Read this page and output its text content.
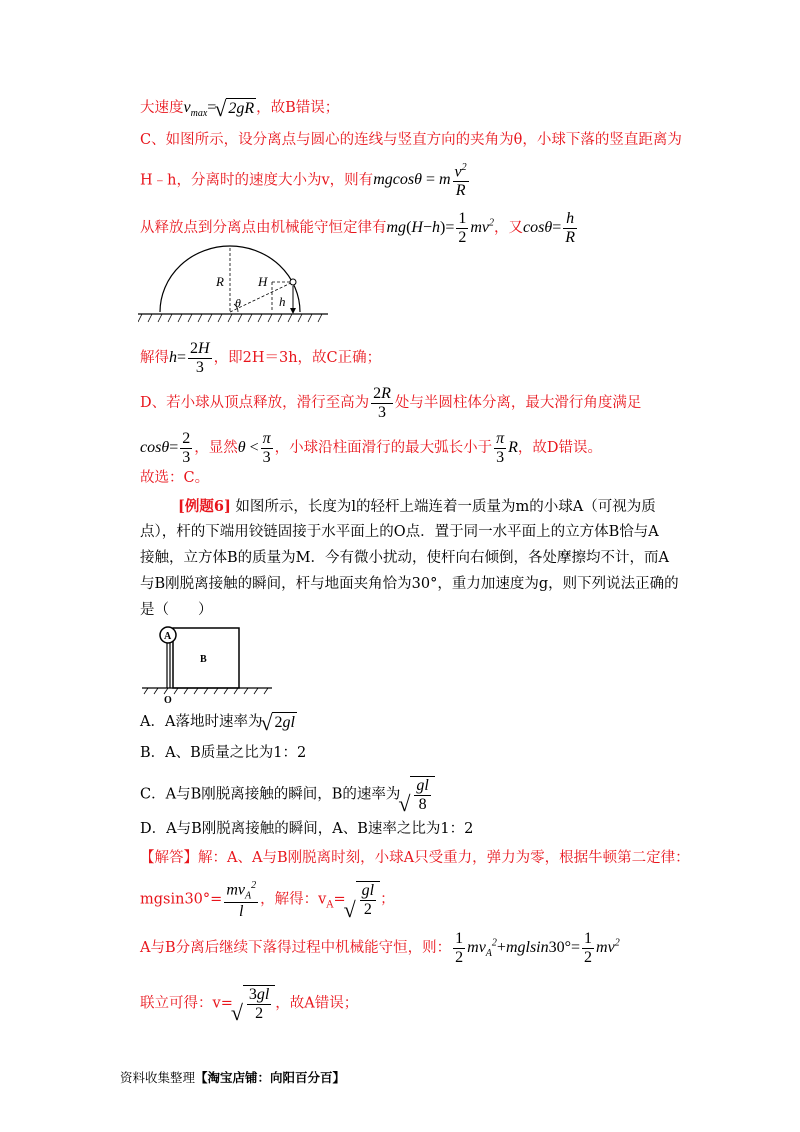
大速度$v_{max}=√$ 2gR ，故B错误；
C、如图所示，设分离点与圆心的连线与竖直方向的夹角为θ，小球下落的竖直距离为
H﹣h，分离时的速度大小为v，则有mgcosθ = m $\frac{v^2}{R}$
从释放点到分离点由机械能守恒定律有$mg(H-h)= \frac{1}{2} mv^2$，又$\cos\theta= \frac{h}{R}$
R	H
θ	h
解得$h= \frac{2H}{3}$ ，即2H＝3h，故C正确；
D、若小球从顶点释放，滑行至高为 $\frac{2R}{3}$ 处与半圆柱体分离，最大滑行角度满足
$\cos\theta= \frac{2}{3}$ ，显然$\theta < \frac{\pi}{3}$ ，小球沿柱面滑行的最大弧长小于 $\frac{\pi}{3}$ R，故D错误。
故选：C。
[例题6] 如图所示，长度为l的轻杆上端连着一质量为m的小球A（可视为质
点），杆的下端用铰链固接于水平面上的O点．置于同一水平面上的立方体B恰与A
接触，立方体B的质量为M．今有微小扰动，使杆向右倾倒，各处摩擦均不计，而A
与B刚脱离接触的瞬间，杆与地面夹角恰为30°，重力加速度为g，则下列说法正确的
是（　　）
A
B
O
A．A落地时速率为√ 2gl
B．A、B质量之比为1：2
C．A与B刚脱离接触的瞬间，B的速率为
√ $\frac{gl}{8}$
D．A与B刚脱离接触的瞬间，A、B速率之比为1：2
【解答】解：A、A与B刚脱离时刻，小球A只受重力，弹力为零，根据牛顿第二定律：
$mgsin30^\circ= \frac{mv_A^2}{l}$ ，解得：$v_A=$
√ $\frac{gl}{2}$ ；
A与B分离后继续下落得过程中机械能守恒，则： $\frac{1}{2} mv_A^2+mglsin30^\circ= \frac{1}{2} mv^2$
联立可得：v=
√ $\frac{3gl}{2}$ ，故A错误；
资料收集整理【淘宝店铺：向阳百分百】
